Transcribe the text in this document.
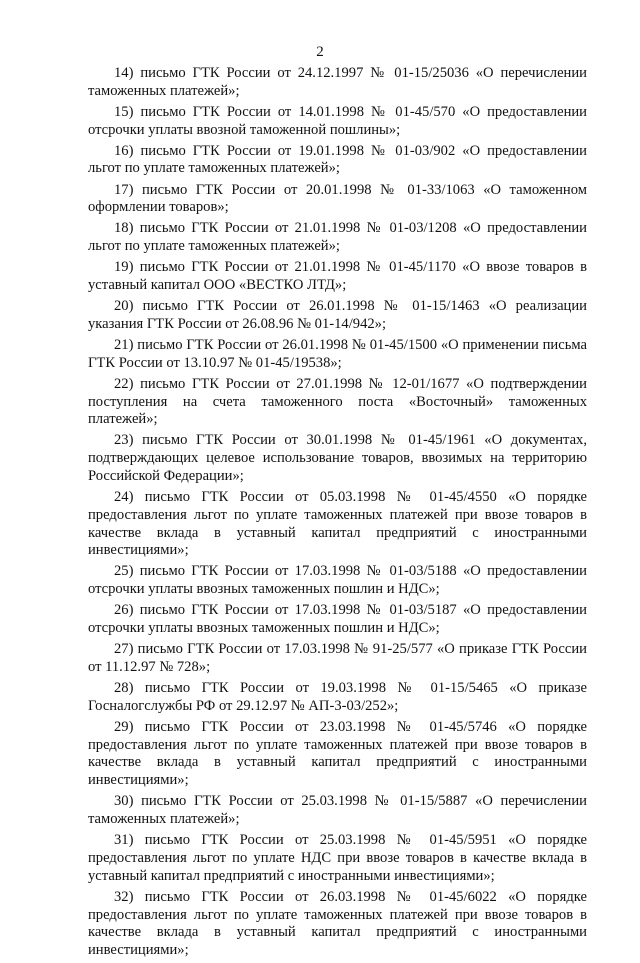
2

14) письмо ГТК России от 24.12.1997 № 01-15/25036 «О перечислении таможенных платежей»;

15) письмо ГТК России от 14.01.1998 № 01-45/570 «О предоставлении отсрочки уплаты ввозной таможенной пошлины»;

16) письмо ГТК России от 19.01.1998 № 01-03/902 «О предоставлении льгот по уплате таможенных платежей»;

17) письмо ГТК России от 20.01.1998 № 01-33/1063 «О таможенном оформлении товаров»;

18) письмо ГТК России от 21.01.1998 № 01-03/1208 «О предоставлении льгот по уплате таможенных платежей»;

19) письмо ГТК России от 21.01.1998 № 01-45/1170 «О ввозе товаров в уставный капитал ООО «ВЕСТКО ЛТД»;

20) письмо ГТК России от 26.01.1998 № 01-15/1463 «О реализации указания ГТК России от 26.08.96 № 01-14/942»;

21) письмо ГТК России от 26.01.1998 № 01-45/1500 «О применении письма ГТК России от 13.10.97 № 01-45/19538»;

22) письмо ГТК России от 27.01.1998 № 12-01/1677 «О подтверждении поступления на счета таможенного поста «Восточный» таможенных платежей»;

23) письмо ГТК России от 30.01.1998 № 01-45/1961 «О документах, подтверждающих целевое использование товаров, ввозимых на территорию Российской Федерации»;

24) письмо ГТК России от 05.03.1998 № 01-45/4550 «О порядке предоставления льгот по уплате таможенных платежей при ввозе товаров в качестве вклада в уставный капитал предприятий с иностранными инвестициями»;

25) письмо ГТК России от 17.03.1998 № 01-03/5188 «О предоставлении отсрочки уплаты ввозных таможенных пошлин и НДС»;

26) письмо ГТК России от 17.03.1998 № 01-03/5187 «О предоставлении отсрочки уплаты ввозных таможенных пошлин и НДС»;

27) письмо ГТК России от 17.03.1998 № 91-25/577 «О приказе ГТК России от 11.12.97 № 728»;

28) письмо ГТК России от 19.03.1998 № 01-15/5465 «О приказе Госналогслужбы РФ от 29.12.97 № АП-3-03/252»;

29) письмо ГТК России от 23.03.1998 № 01-45/5746 «О порядке предоставления льгот по уплате таможенных платежей при ввозе товаров в качестве вклада в уставный капитал предприятий с иностранными инвестициями»;

30) письмо ГТК России от 25.03.1998 № 01-15/5887 «О перечислении таможенных платежей»;

31) письмо ГТК России от 25.03.1998 № 01-45/5951 «О порядке предоставления льгот по уплате НДС при ввозе товаров в качестве вклада в уставный капитал предприятий с иностранными инвестициями»;

32) письмо ГТК России от 26.03.1998 № 01-45/6022 «О порядке предоставления льгот по уплате таможенных платежей при ввозе товаров в качестве вклада в уставный капитал предприятий с иностранными инвестициями»;
